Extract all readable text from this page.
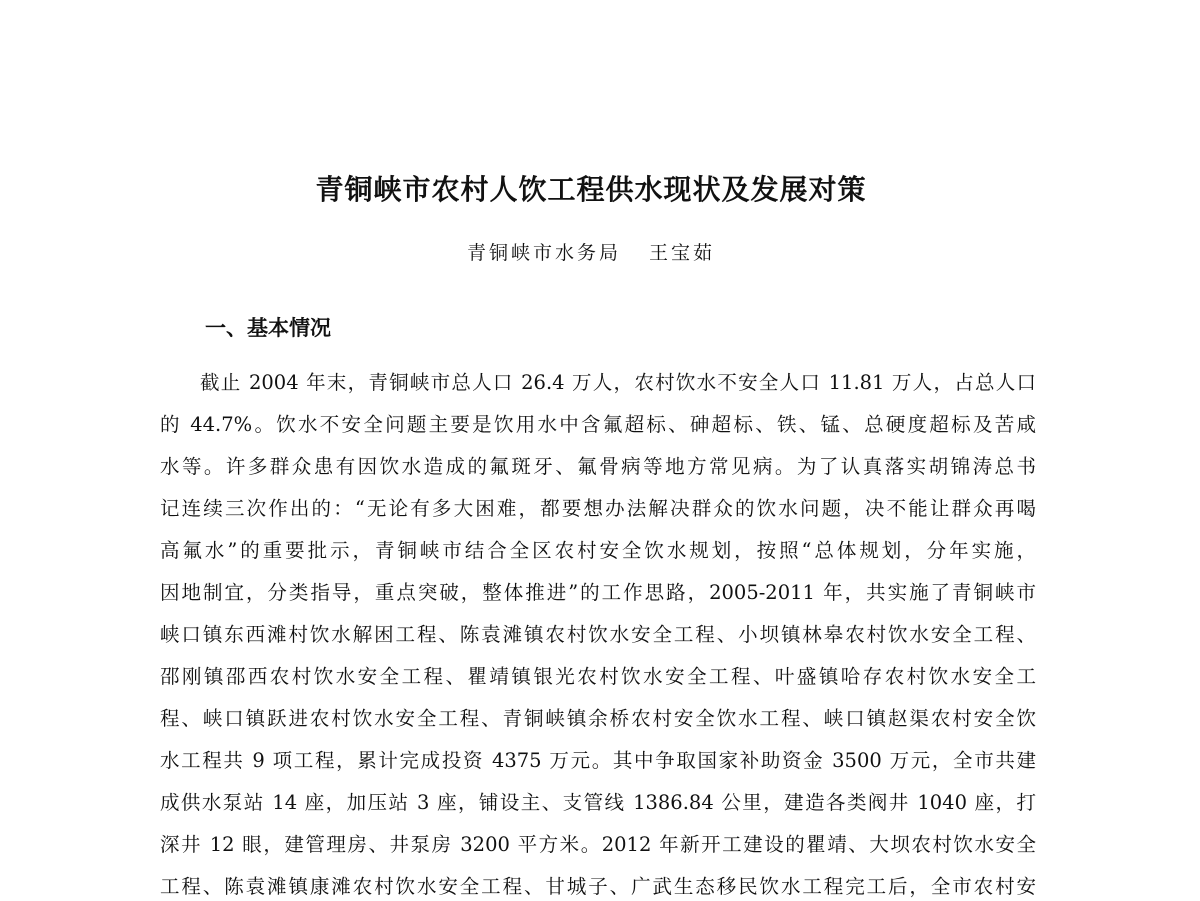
青铜峡市农村人饮工程供水现状及发展对策
青铜峡市水务局 王宝茹
一、基本情况
截止 2004 年末，青铜峡市总人口 26.4 万人，农村饮水不安全人口 11.81 万人，占总人口
的 44.7%。饮水不安全问题主要是饮用水中含氟超标、砷超标、铁、锰、总硬度超标及苦咸
水等。许多群众患有因饮水造成的氟斑牙、氟骨病等地方常见病。为了认真落实胡锦涛总书
记连续三次作出的：“无论有多大困难，都要想办法解决群众的饮水问题，决不能让群众再喝
高氟水”的重要批示，青铜峡市结合全区农村安全饮水规划，按照“总体规划，分年实施，
因地制宜，分类指导，重点突破，整体推进”的工作思路，2005-2011 年，共实施了青铜峡市
峡口镇东西滩村饮水解困工程、陈袁滩镇农村饮水安全工程、小坝镇林皋农村饮水安全工程、
邵刚镇邵西农村饮水安全工程、瞿靖镇银光农村饮水安全工程、叶盛镇哈存农村饮水安全工
程、峡口镇跃进农村饮水安全工程、青铜峡镇余桥农村安全饮水工程、峡口镇赵渠农村安全饮
水工程共 9 项工程，累计完成投资 4375 万元。其中争取国家补助资金 3500 万元，全市共建
成供水泵站 14 座，加压站 3 座，铺设主、支管线 1386.84 公里，建造各类阀井 1040 座，打
深井 12 眼，建管理房、井泵房 3200 平方米。2012 年新开工建设的瞿靖、大坝农村饮水安全
工程、陈袁滩镇康滩农村饮水安全工程、甘城子、广武生态移民饮水工程完工后，全市农村安
